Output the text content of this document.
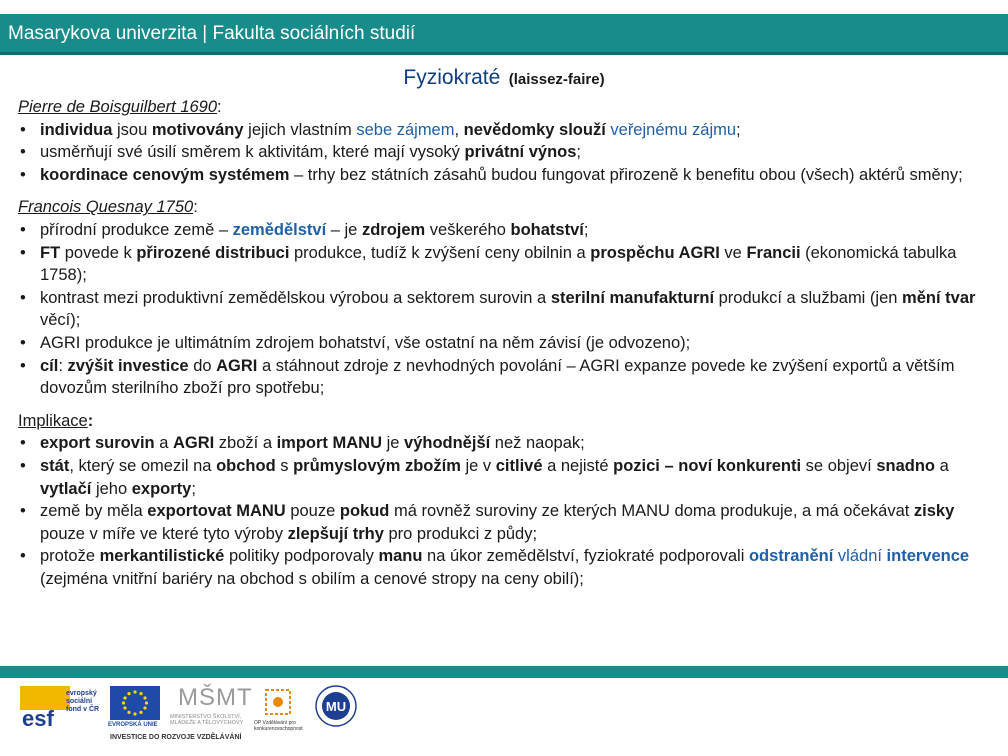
Masarykova univerzita | Fakulta sociálních studií
Fyziokraté (laissez-faire)
Pierre de Boisguilbert 1690:
• individua jsou motivovány jejich vlastním sebe zájmem, nevědomky slouží veřejnému zájmu;
• usměrňují své úsilí směrem k aktivitám, které mají vysoký privátní výnos;
• koordinace cenovým systémem – trhy bez státních zásahů budou fungovat přirozeně k benefitu obou (všech) aktérů směny;
Francois Quesnay 1750:
• přírodní produkce země – zemědělství – je zdrojem veškerého bohatství;
• FT povede k přirozené distribuci produkce, tudíž k zvýšení ceny obilnin a prospěchu AGRI ve Francii (ekonomická tabulka 1758);
• kontrast mezi produktivní zemědělskou výrobou a sektorem surovin a sterilní manufakturní produkcí a službami (jen mění tvar věcí);
• AGRI produkce je ultimátním zdrojem bohatství, vše ostatní na něm závisí (je odvozeno);
• cíl: zvýšit investice do AGRI a stáhnout zdroje z nevhodných povolání – AGRI expanze povede ke zvýšení exportů a větším dovozům sterilního zboží pro spotřebu;
Implikace:
• export surovin a AGRI zboží a import MANU je výhodnější než naopak;
• stát, který se omezil na obchod s průmyslovým zbožím je v citlivé a nejisté pozici – noví konkurenti se objeví snadno a vytlačí jeho exporty;
• země by měla exportovat MANU pouze pokud má rovněž suroviny ze kterých MANU doma produkuje, a má očekávat zisky pouze v míře ve které tyto výroby zlepšují trhy pro produkci z půdy;
• protože merkantilistické politiky podporovaly manu na úkor zemědělství, fyziokraté podporovali odstranění vládní intervence (zejména vnitřní bariéry na obchod s obilím a cenové stropy na ceny obilí);
esf
evropský
sociální
fond v ČR
EVROPSKÁ UNIE
MŠMT
MINISTERSTVO ŠKOLSTVÍ, MLÁDEŽE A TĚLOVÝCHOVY	OP Vzdělávání pro konkurenceschopnost
MU
INVESTICE DO ROZVOJE VZDĚLÁVÁNÍ
